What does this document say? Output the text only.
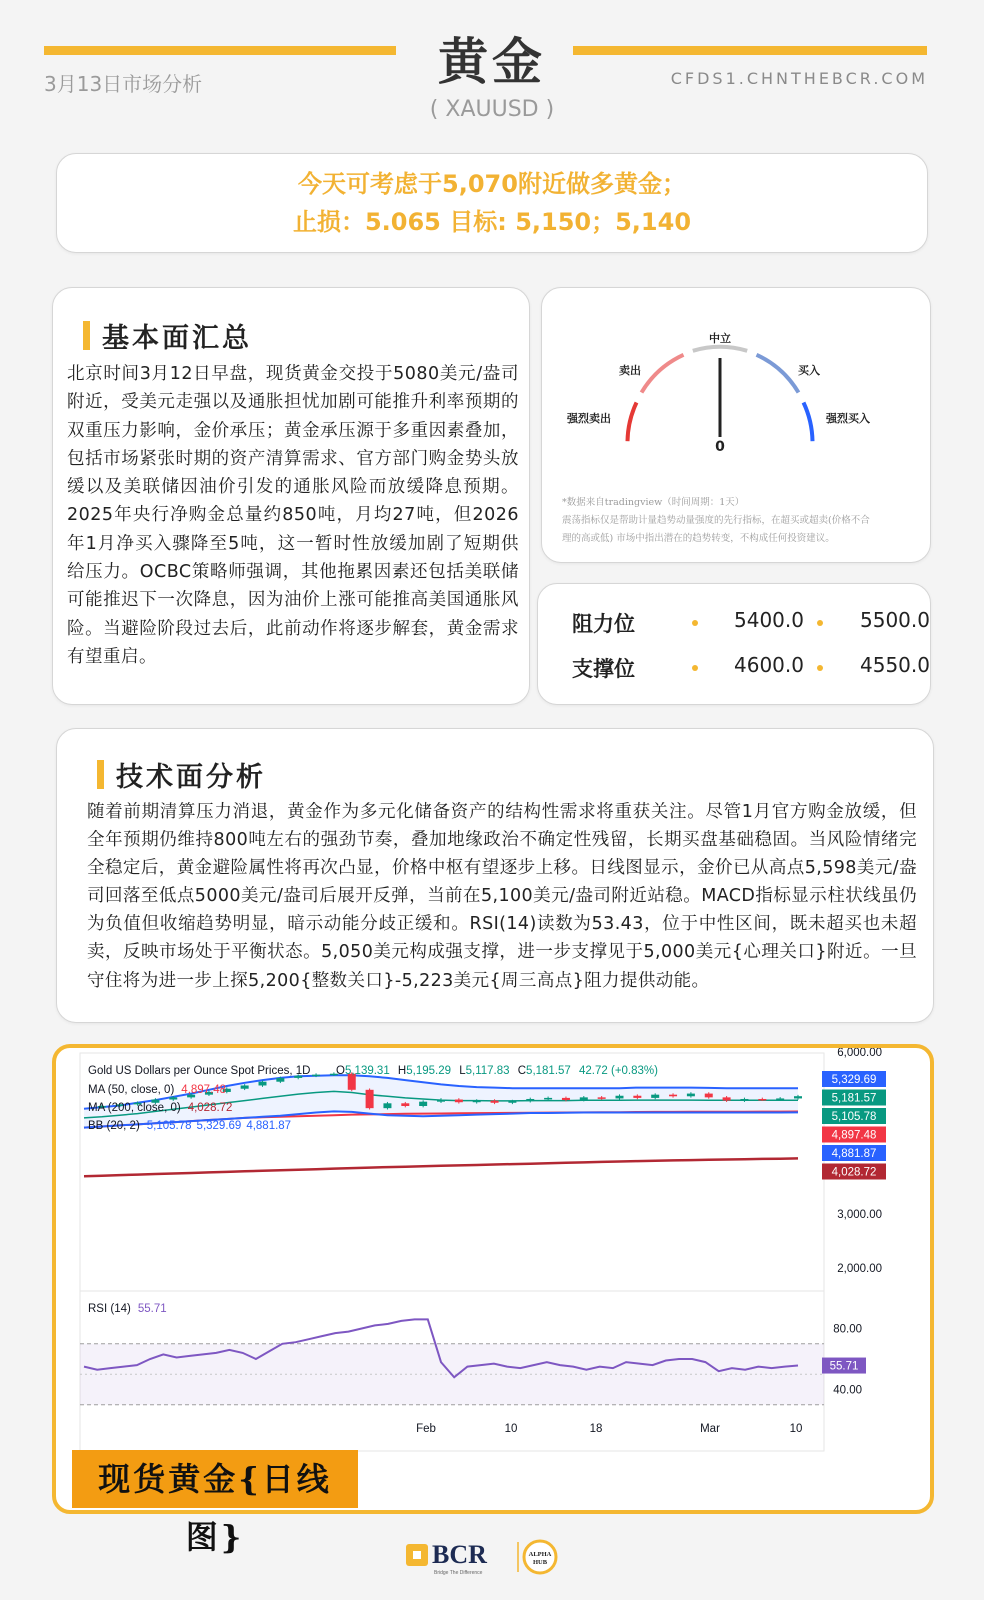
3月13日市场分析	黄金
( XAUUSD )
CFDS1.CHNTHEBCR.COM
今天可考虑于5,070附近做多黄金；
止损：5.065 目标: 5,150；5,140
基本面汇总
北京时间3月12日早盘，现货黄金交投于5080美元/盎司附近，受美元走强以及通胀担忧加剧可能推升利率预期的双重压力影响，金价承压；黄金承压源于多重因素叠加，包括市场紧张时期的资产清算需求、官方部门购金势头放缓以及美联储因油价引发的通胀风险而放缓降息预期。2025年央行净购金总量约850吨，月均27吨，但2026年1月净买入骤降至5吨，这一暂时性放缓加剧了短期供给压力。OCBC策略师强调，其他拖累因素还包括美联储可能推迟下一次降息，因为油价上涨可能推高美国通胀风险。当避险阶段过去后，此前动作将逐步解套，黄金需求有望重启。
中立
卖出	买入
强烈卖出	强烈买入
0
*数据来自tradingview（时间周期：1天）
震荡指标仅是帮助计量趋势动量强度的先行指标，在超买或超卖(价格不合
理的高或低) 市场中指出潜在的趋势转变，不构成任何投资建议。
阻力位	5400.0	5500.0
支撑位	4600.0	4550.0
技术面分析
随着前期清算压力消退，黄金作为多元化储备资产的结构性需求将重获关注。尽管1月官方购金放缓，但全年预期仍维持800吨左右的强劲节奏，叠加地缘政治不确定性残留，长期买盘基础稳固。当风险情绪完全稳定后，黄金避险属性将再次凸显，价格中枢有望逐步上移。日线图显示，金价已从高点5,598美元/盎司回落至低点5000美元/盎司后展开反弹，当前在5,100美元/盎司附近站稳。MACD指标显示柱状线虽仍为负值但收缩趋势明显，暗示动能分歧正缓和。RSI(14)读数为53.43，位于中性区间，既未超买也未超卖，反映市场处于平衡状态。5,050美元构成强支撑，进一步支撑见于5,000美元{心理关口}附近。一旦守住将为进一步上探5,200{整数关口}-5,223美元{周三高点}阻力提供动能。
80.00
40.00
55.71
6,000.00
3,000.00
2,000.00
Feb	10	18	Mar	10
Gold US Dollars per Ounce Spot Prices, 1D O5,139.31 H5,195.29 L5,117.83 C5,181.57 42.72 (+0.83%)
MA (50, close, 0) 4,897.48
MA (200, close, 0) 4,028.72
BB (20, 2) 5,105.78 5,329.69 4,881.87
RSI (14) 55.71
5,329.69
5,181.57
5,105.78
4,897.48
4,881.87
4,028.72
现货黄金{日线图}	BCR
Bridge The Difference
ALPHA
HUB
